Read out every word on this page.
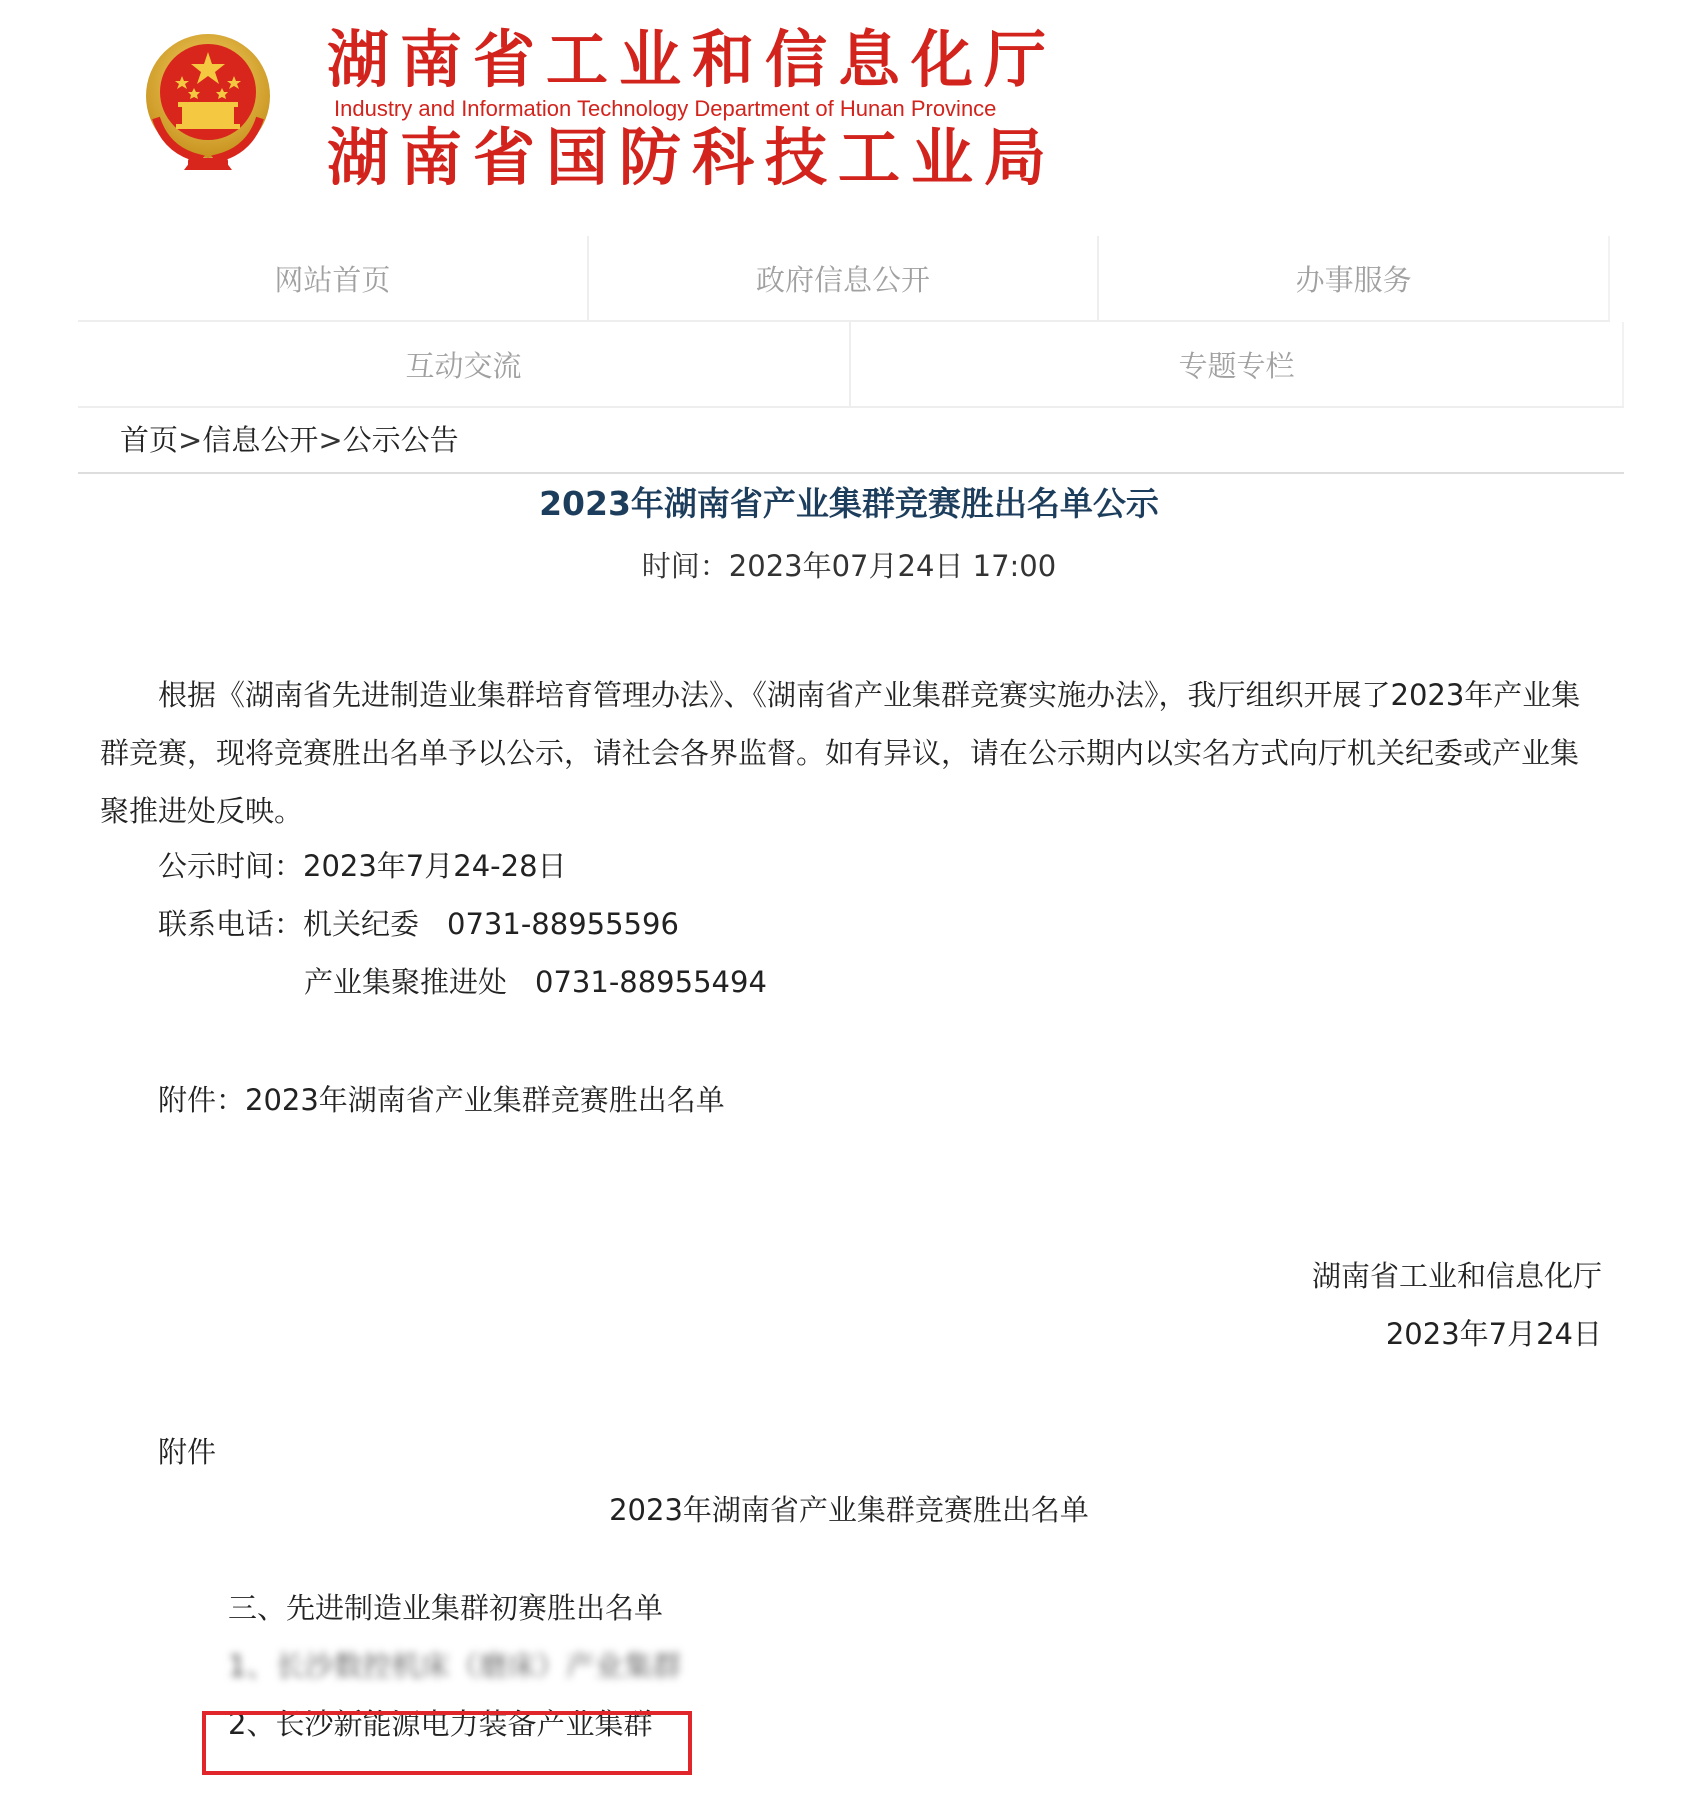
湖南省工业和信息化厅
Industry and Information Technology Department of Hunan Province
湖南省国防科技工业局
网站首页	政府信息公开	办事服务
互动交流	专题专栏
首页>信息公开>公示公告
2023年湖南省产业集群竞赛胜出名单公示
时间：2023年07月24日 17:00
根据《湖南省先进制造业集群培育管理办法》、《湖南省产业集群竞赛实施办法》，我厅组织开展了2023年产业集群竞赛，现将竞赛胜出名单予以公示，请社会各界监督。如有异议，请在公示期内以实名方式向厅机关纪委或产业集聚推进处反映。
公示时间：2023年7月24-28日
联系电话：机关纪委 0731-88955596
产业集聚推进处 0731-88955494
附件：2023年湖南省产业集群竞赛胜出名单
湖南省工业和信息化厅
2023年7月24日
附件
2023年湖南省产业集群竞赛胜出名单
三、先进制造业集群初赛胜出名单
1、长沙数控机床（磨床）产业集群
2、长沙新能源电力装备产业集群
